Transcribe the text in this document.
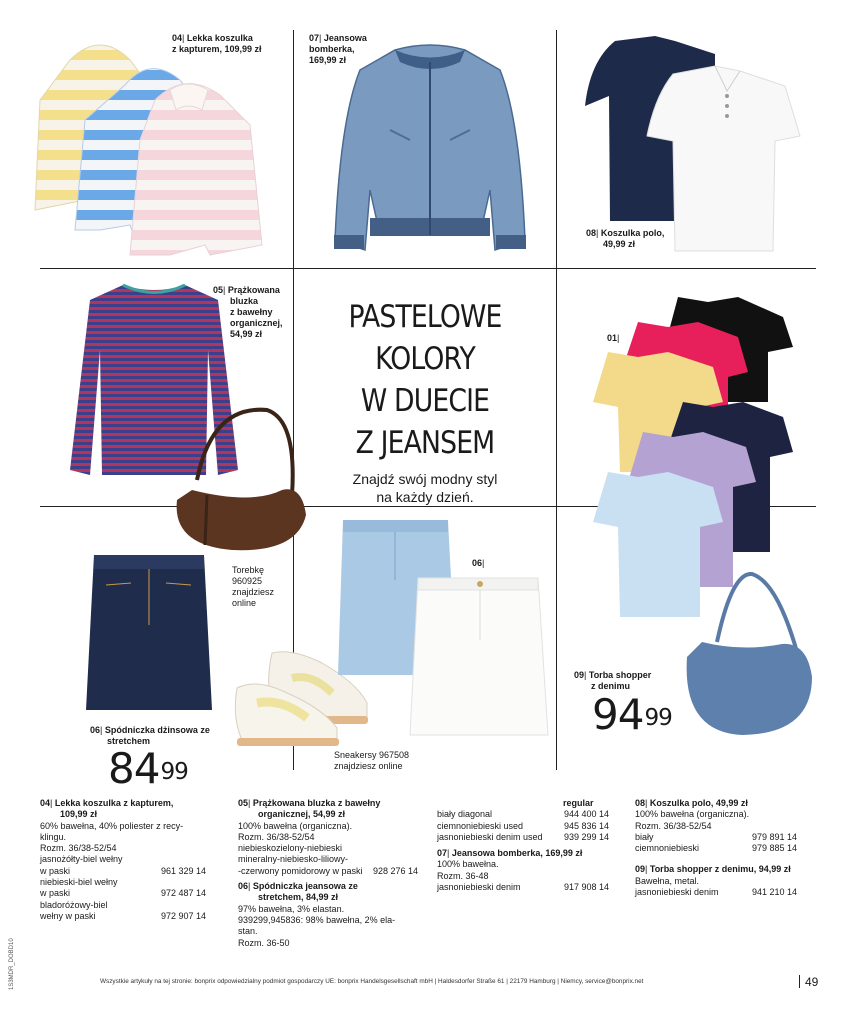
04| Lekka koszulka
z kapturem, 109,99 zł
07| Jeansowa
bomberka,
169,99 zł
08| Koszulka polo,
49,99 zł
05| Prążkowana
bluzka
z bawełny
organicznej,
54,99 zł	PASTELOWE KOLORY
W DUECIE
Z JEANSEM
Znajdź swój modny styl
na każdy dzień.
01|
Torebkę
960925
znajdziesz
online
06|
09| Torba shopper
z denimu
$94^{99}$
06| Spódniczka dżinsowa ze
stretchem
$84^{99}$
Sneakersy 967508
znajdziesz online
04| Lekka koszulka z kapturem,
109,99 zł
60% bawełna, 40% poliester z recy-
klingu.
Rozm. 36/38-52/54
jasnożółty-biel wełny
w paski	961 329 14
niebieski-biel wełny
w paski	972 487 14
bladoróżowy-biel
wełny w paski	972 907 14
05| Prążkowana bluzka z bawełny
organicznej, 54,99 zł
100% bawełna (organiczna).
Rozm. 36/38-52/54
niebieskozielony-niebieski
mineralny-niebiesko-liliowy-
-czerwony pomidorowy w paski 928 276 14
06| Spódniczka jeansowa ze
stretchem, 84,99 zł
97% bawełna, 3% elastan.
939299,945836: 98% bawełna, 2% ela-
stan.
Rozm. 36-50
regular
biały diagonal	944 400 14
ciemnoniebieski used	945 836 14
jasnoniebieski denim used 939 299 14
07| Jeansowa bomberka, 169,99 zł
100% bawełna.
Rozm. 36-48
jasnoniebieski denim	917 908 14
08| Koszulka polo, 49,99 zł
100% bawełna (organiczna).
Rozm. 36/38-52/54
biały	979 891 14
ciemnoniebieski	979 885 14
09| Torba shopper z denimu, 94,99 zł
Bawełna, metal.
jasnoniebieski denim	941 210 14
Wszystkie artykuły na tej stronie: bonprix odpowiedzialny podmiot gospodarczy UE: bonprix Handelsgesellschaft mbH | Haldesdorfer Straße 61 | 22179 Hamburg | Niemcy, service@bonprix.net	49
1S3MDR_DOBD10
